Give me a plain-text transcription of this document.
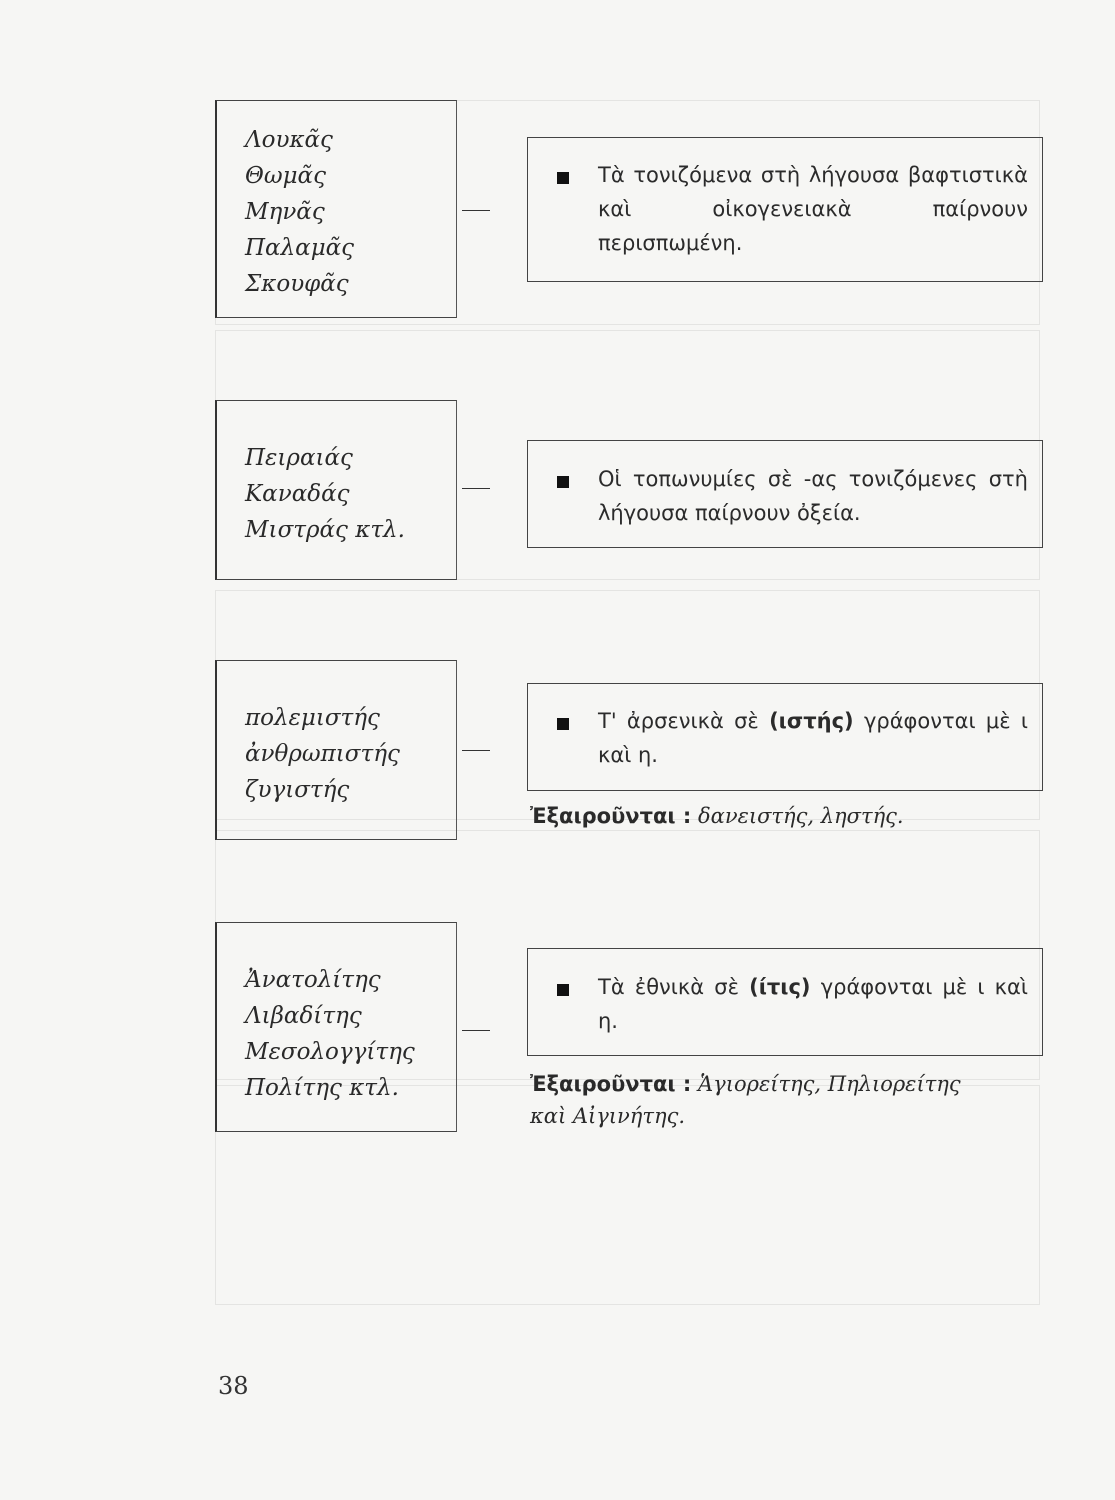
Λουκᾶς
Θωμᾶς
Μηνᾶς
Παλαμᾶς
Σκουφᾶς
Τὰ τονιζόμενα στὴ λήγουσα βαφτιστικὰ καὶ οἰκογενειακὰ παίρνουν περισπωμένη.
Πειραιάς
Καναδάς
Μιστράς κτλ.
Οἱ τοπωνυμίες σὲ -ας τονιζόμενες στὴ λήγουσα παίρνουν ὀξεία.
πολεμιστής
ἀνθρωπιστής
ζυγιστής
Τ' ἀρσενικὰ σὲ (ιστής) γράφονται μὲ ι καὶ η.
Ἐξαιροῦνται : δανειστής, ληστής.
Ἀνατολίτης
Λιβαδίτης
Μεσολογγίτης
Πολίτης κτλ.
Τὰ ἐθνικὰ σὲ (ίτις) γράφονται μὲ ι καὶ η.
Ἐξαιροῦνται : Ἁγιορείτης, Πηλιορείτης
καὶ Αἰγινήτης.
38
